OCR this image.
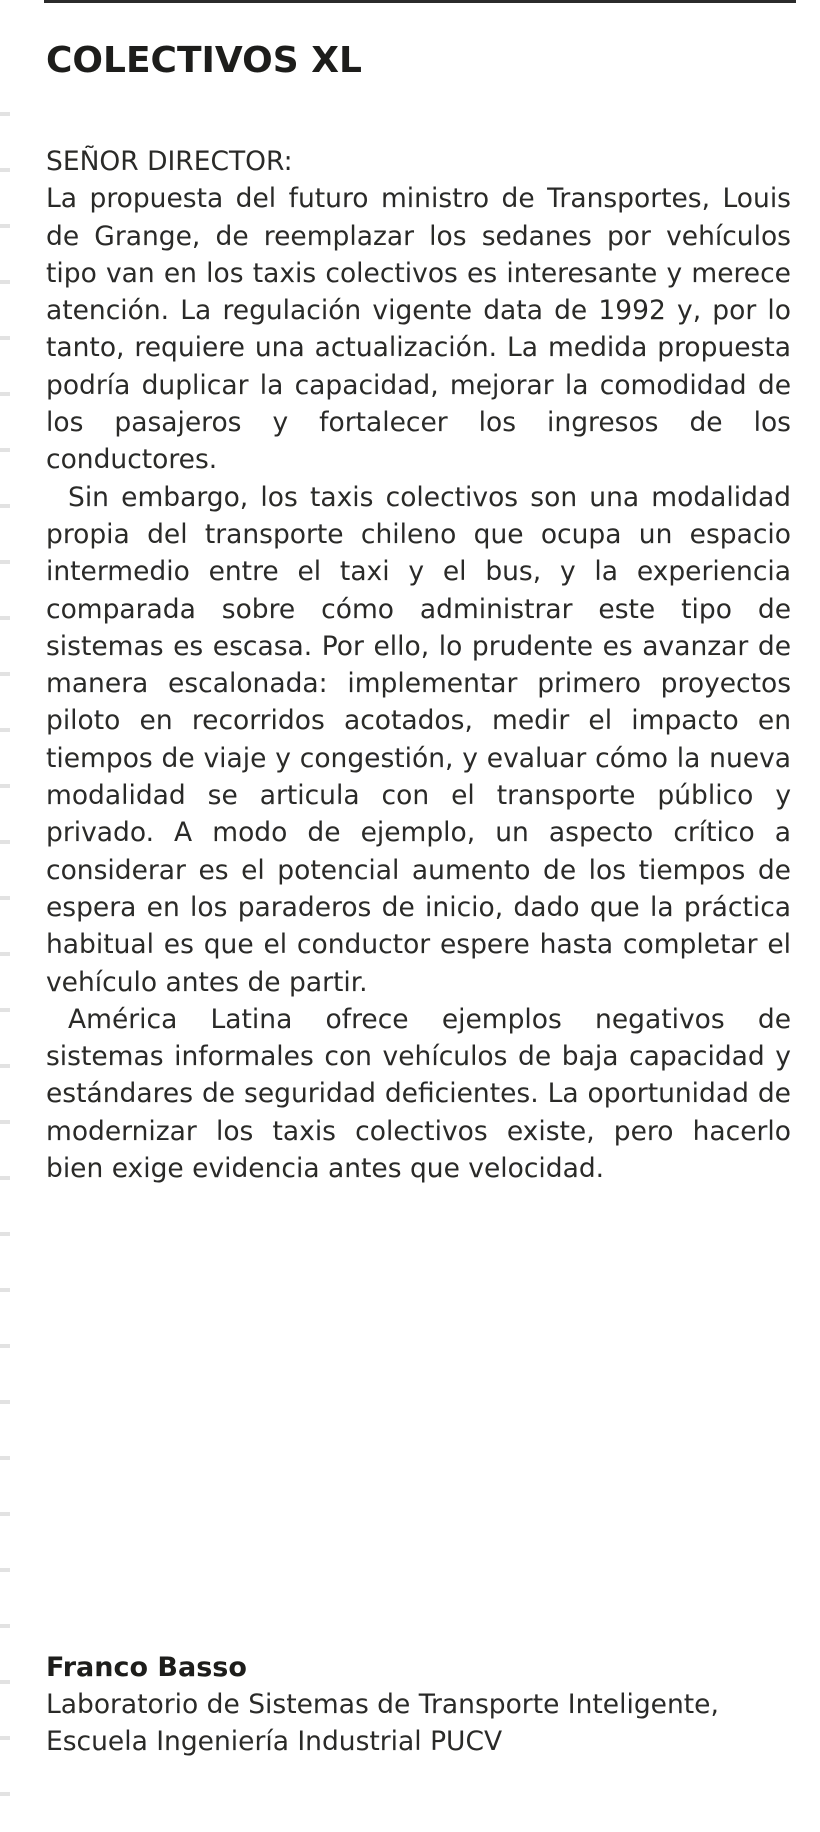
COLECTIVOS XL

SEÑOR DIRECTOR:

La propuesta del futuro ministro de Transportes, Louis de Grange, de reemplazar los sedanes por vehículos tipo van en los taxis colectivos es interesante y merece atención. La regulación vigente data de 1992 y, por lo tanto, requiere una actualización. La medida propuesta podría duplicar la capacidad, mejorar la comodidad de los pasajeros y fortalecer los ingresos de los conductores.

Sin embargo, los taxis colectivos son una modalidad propia del transporte chileno que ocupa un espacio intermedio entre el taxi y el bus, y la experiencia comparada sobre cómo administrar este tipo de sistemas es escasa. Por ello, lo prudente es avanzar de manera escalonada: implementar primero proyectos piloto en recorridos acotados, medir el impacto en tiempos de viaje y congestión, y evaluar cómo la nueva modalidad se articula con el transporte público y privado. A modo de ejemplo, un aspecto crítico a considerar es el potencial aumento de los tiempos de espera en los paraderos de inicio, dado que la práctica habitual es que el conductor espere hasta completar el vehículo antes de partir.

América Latina ofrece ejemplos negativos de sistemas informales con vehículos de baja capacidad y estándares de seguridad deficientes. La oportunidad de modernizar los taxis colectivos existe, pero hacerlo bien exige evidencia antes que velocidad.

Franco Basso

Laboratorio de Sistemas de Transporte Inteligente, Escuela Ingeniería Industrial PUCV
